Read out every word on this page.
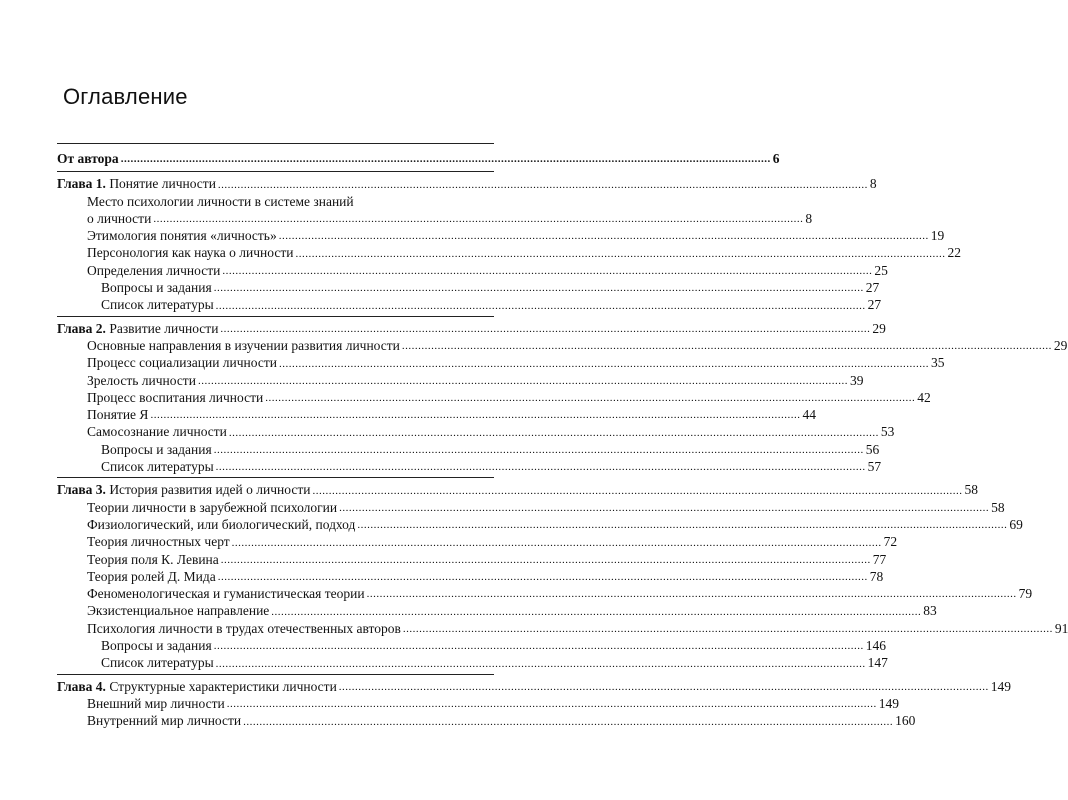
Оглавление
От автора ........................................................................................................................................................................................................ 6
Глава 1. Понятие личности ........................................................................................................................................................................................................ 8
Место психологии личности в системе знаний
о личности ........................................................................................................................................................................................................ 8
Этимология понятия «личность» ........................................................................................................................................................................................................ 19
Персонология как наука о личности ........................................................................................................................................................................................................ 22
Определения личности ........................................................................................................................................................................................................ 25
Вопросы и задания ........................................................................................................................................................................................................ 27
Список литературы ........................................................................................................................................................................................................ 27
Глава 2. Развитие личности ........................................................................................................................................................................................................ 29
Основные направления в изучении развития личности ........................................................................................................................................................................................................ 29
Процесс социализации личности ........................................................................................................................................................................................................ 35
Зрелость личности ........................................................................................................................................................................................................ 39
Процесс воспитания личности ........................................................................................................................................................................................................ 42
Понятие Я ........................................................................................................................................................................................................ 44
Самосознание личности ........................................................................................................................................................................................................ 53
Вопросы и задания ........................................................................................................................................................................................................ 56
Список литературы ........................................................................................................................................................................................................ 57
Глава 3. История развития идей о личности ........................................................................................................................................................................................................ 58
Теории личности в зарубежной психологии ........................................................................................................................................................................................................ 58
Физиологический, или биологический, подход ........................................................................................................................................................................................................ 69
Теория личностных черт ........................................................................................................................................................................................................ 72
Теория поля К. Левина ........................................................................................................................................................................................................ 77
Теория ролей Д. Мида ........................................................................................................................................................................................................ 78
Феноменологическая и гуманистическая теории ........................................................................................................................................................................................................ 79
Экзистенциальное направление ........................................................................................................................................................................................................ 83
Психология личности в трудах отечественных авторов ........................................................................................................................................................................................................ 91
Вопросы и задания ........................................................................................................................................................................................................ 146
Список литературы ........................................................................................................................................................................................................ 147
Глава 4. Структурные характеристики личности ........................................................................................................................................................................................................ 149
Внешний мир личности ........................................................................................................................................................................................................ 149
Внутренний мир личности ........................................................................................................................................................................................................ 160
